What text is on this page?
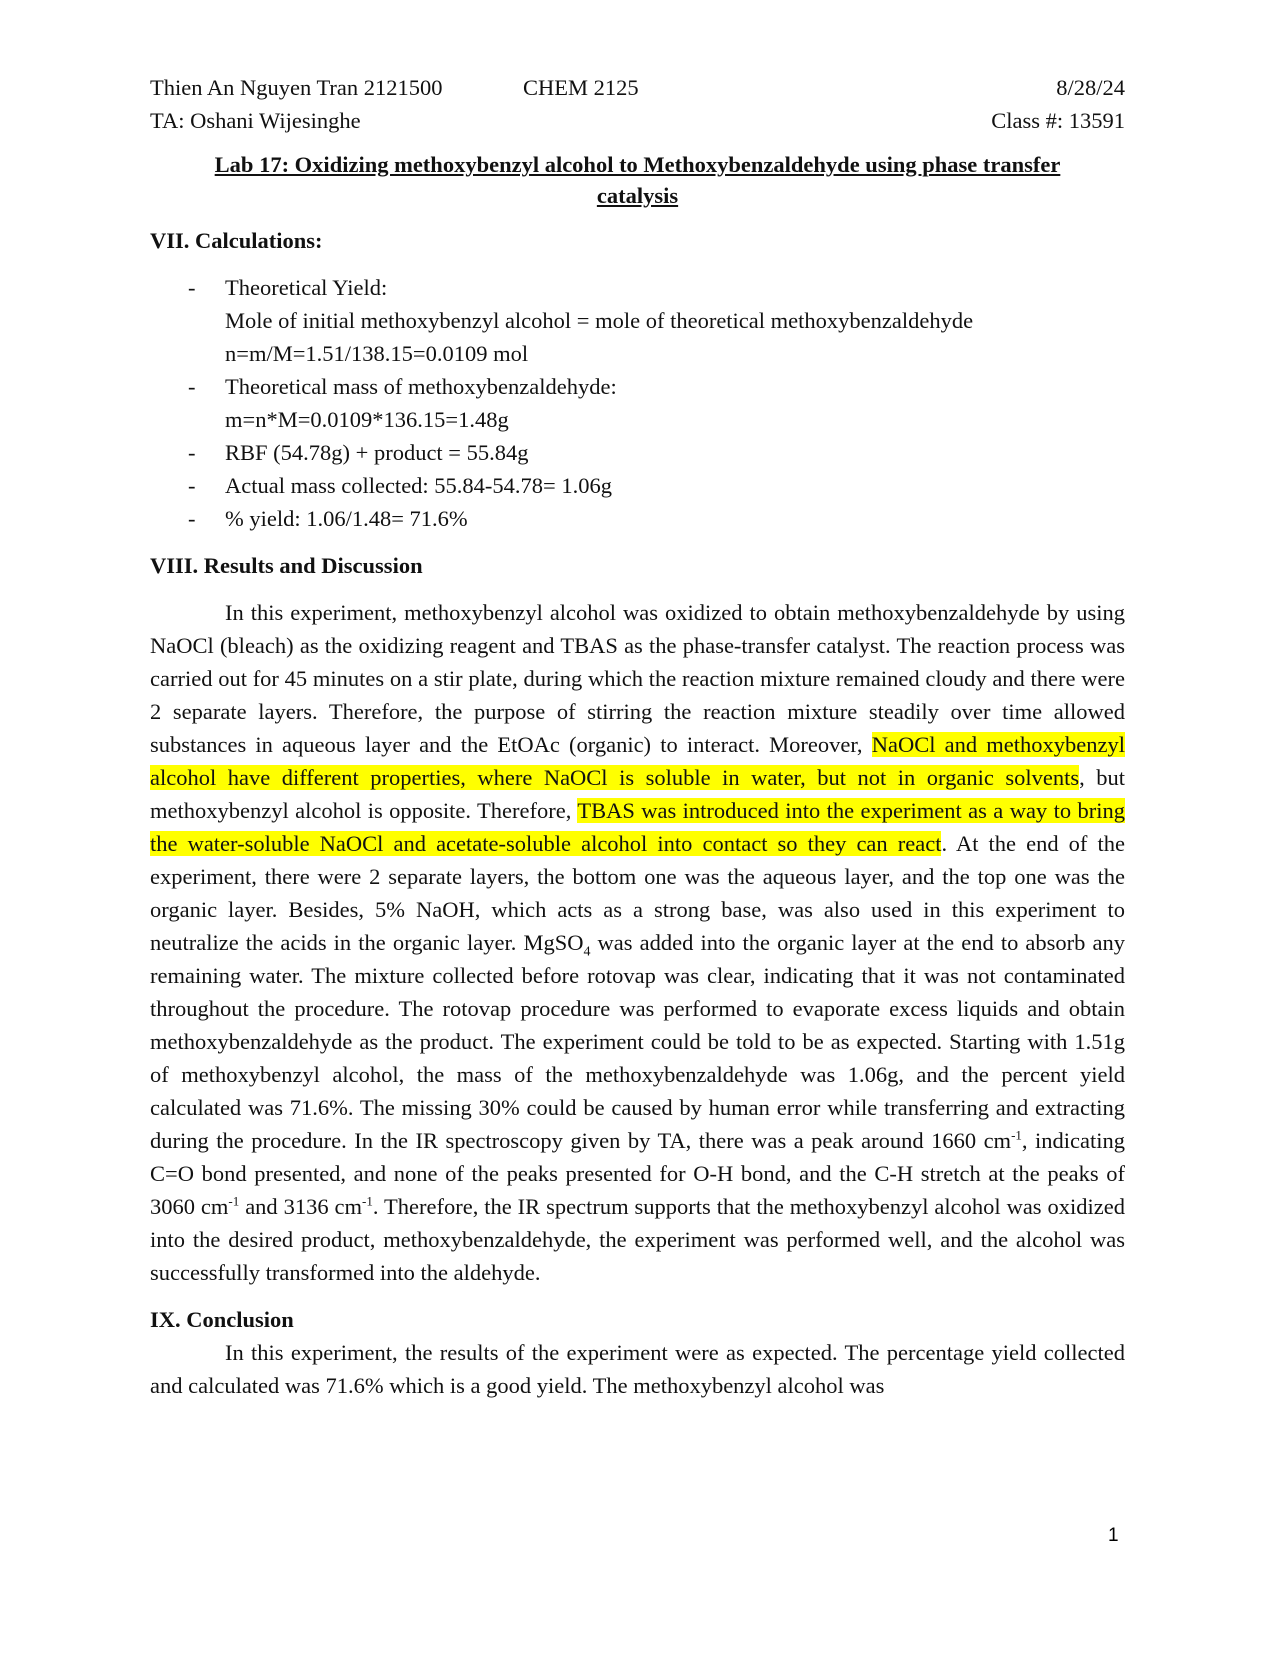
Thien An Nguyen Tran 2121500	CHEM 2125	8/28/24
TA: Oshani Wijesinghe	Class #: 13591
Lab 17: Oxidizing methoxybenzyl alcohol to Methoxybenzaldehyde using phase transfer
catalysis
VII. Calculations:
- Theoretical Yield:
Mole of initial methoxybenzyl alcohol = mole of theoretical methoxybenzaldehyde
n=m/M=1.51/138.15=0.0109 mol
- Theoretical mass of methoxybenzaldehyde:
m=n*M=0.0109*136.15=1.48g
- RBF (54.78g) + product = 55.84g
- Actual mass collected: 55.84-54.78= 1.06g
- % yield: 1.06/1.48= 71.6%
VIII. Results and Discussion

In this experiment, methoxybenzyl alcohol was oxidized to obtain methoxybenzaldehyde by using NaOCl (bleach) as the oxidizing reagent and TBAS as the phase-transfer catalyst. The reaction process was carried out for 45 minutes on a stir plate, during which the reaction mixture remained cloudy and there were 2 separate layers. Therefore, the purpose of stirring the reaction mixture steadily over time allowed substances in aqueous layer and the EtOAc (organic) to interact. Moreover, NaOCl and methoxybenzyl alcohol have different properties, where NaOCl is soluble in water, but not in organic solvents, but methoxybenzyl alcohol is opposite. Therefore, TBAS was introduced into the experiment as a way to bring the water-soluble NaOCl and acetate-soluble alcohol into contact so they can react. At the end of the experiment, there were 2 separate layers, the bottom one was the aqueous layer, and the top one was the organic layer. Besides, 5% NaOH, which acts as a strong base, was also used in this experiment to neutralize the acids in the organic layer. MgSO$_4$ was added into the organic layer at the end to absorb any remaining water. The mixture collected before rotovap was clear, indicating that it was not contaminated throughout the procedure. The rotovap procedure was performed to evaporate excess liquids and obtain methoxybenzaldehyde as the product. The experiment could be told to be as expected. Starting with 1.51g of methoxybenzyl alcohol, the mass of the methoxybenzaldehyde was 1.06g, and the percent yield calculated was 71.6%. The missing 30% could be caused by human error while transferring and extracting during the procedure. In the IR spectroscopy given by TA, there was a peak around 1660 $cm^{-1}$, indicating C=O bond presented, and none of the peaks presented for O-H bond, and the C-H stretch at the peaks of 3060 $cm^{-1}$ and 3136 $cm^{-1}$. Therefore, the IR spectrum supports that the methoxybenzyl alcohol was oxidized into the desired product, methoxybenzaldehyde, the experiment was performed well, and the alcohol was successfully transformed into the aldehyde.

IX. Conclusion

In this experiment, the results of the experiment were as expected. The percentage yield collected and calculated was 71.6% which is a good yield. The methoxybenzyl alcohol was

1
